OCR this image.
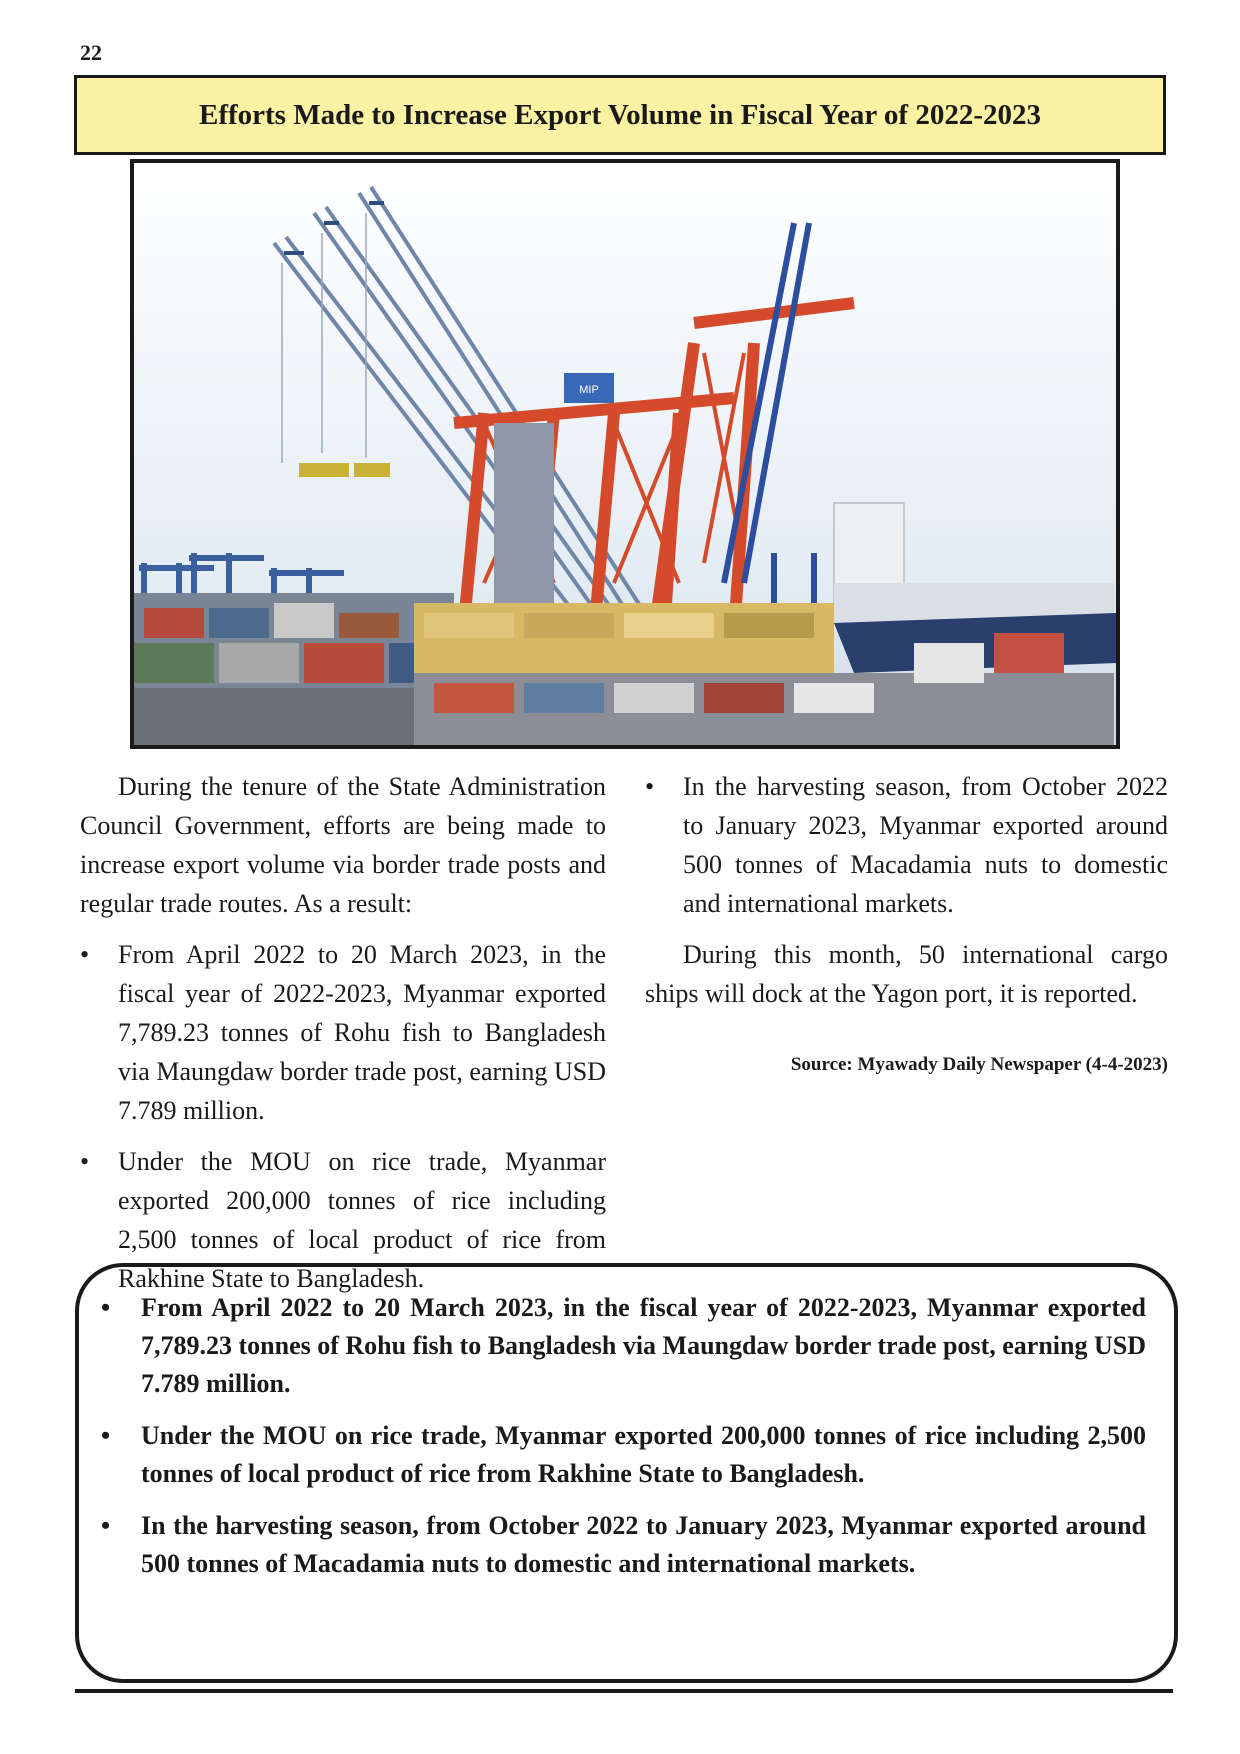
22
Efforts Made to Increase Export Volume in Fiscal Year of 2022-2023
MIP

During the tenure of the State Administration Council Government, efforts are being made to increase export volume via border trade posts and regular trade routes. As a result:

•	From April 2022 to 20 March 2023, in the fiscal year of 2022-2023, Myanmar exported 7,789.23 tonnes of Rohu fish to Bangladesh via Maungdaw border trade post, earning USD 7.789 million.

•	Under the MOU on rice trade, Myanmar exported 200,000 tonnes of rice including 2,500 tonnes of local product of rice from Rakhine State to Bangladesh.

•	In the harvesting season, from October 2022 to January 2023, Myanmar exported around 500 tonnes of Macadamia nuts to domestic and international markets.

During this month, 50 international cargo ships will dock at the Yagon port, it is reported.

Source: Myawady Daily Newspaper (4-4-2023)

• From April 2022 to 20 March 2023, in the fiscal year of 2022-2023, Myanmar exported 7,789.23 tonnes of Rohu fish to Bangladesh via Maungdaw border trade post, earning USD 7.789 million.

• Under the MOU on rice trade, Myanmar exported 200,000 tonnes of rice including 2,500 tonnes of local product of rice from Rakhine State to Bangladesh.

• In the harvesting season, from October 2022 to January 2023, Myanmar exported around 500 tonnes of Macadamia nuts to domestic and international markets.
